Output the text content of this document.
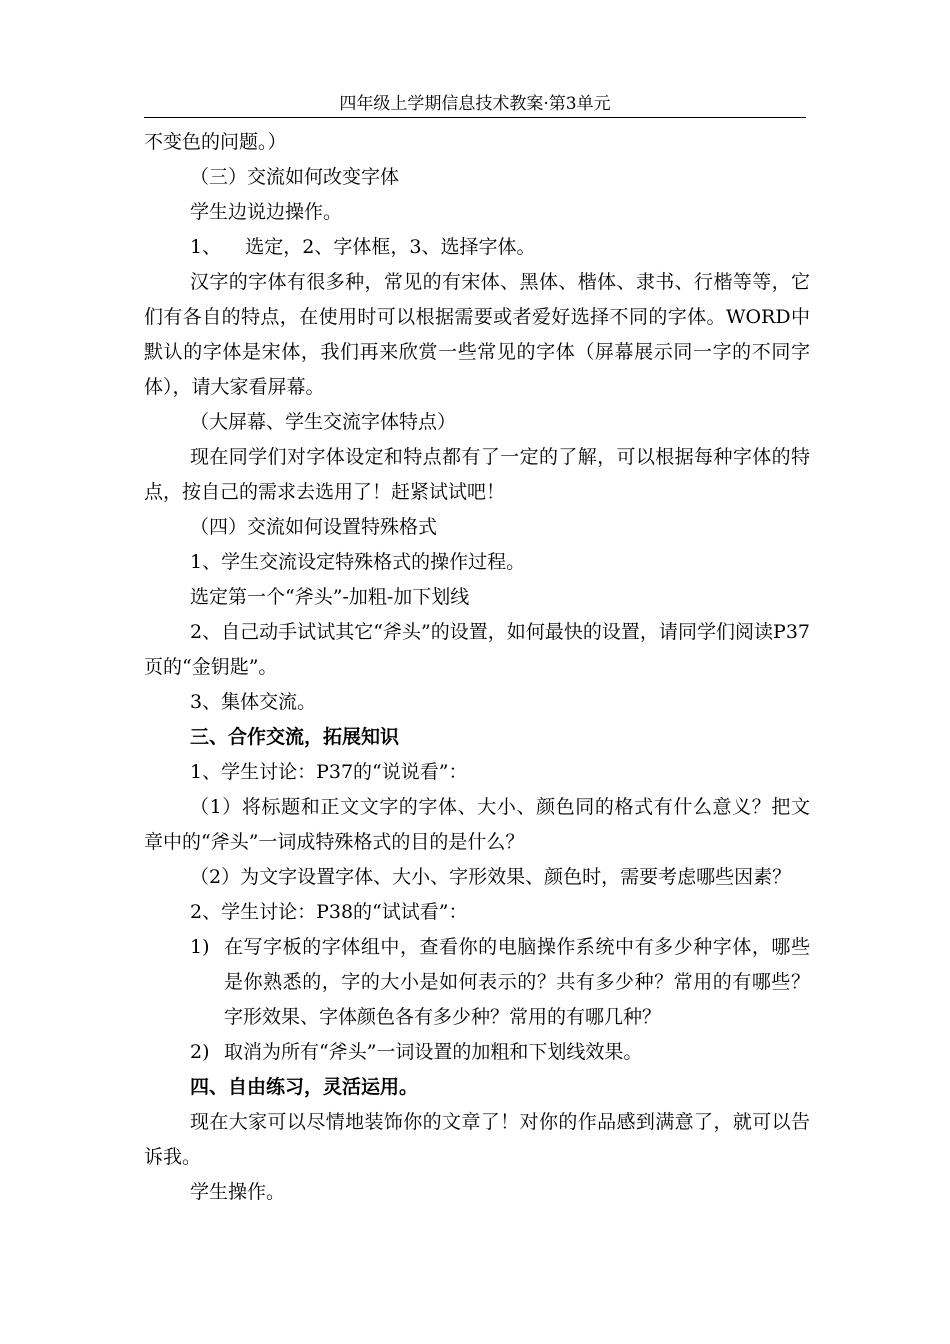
四年级上学期信息技术教案·第3单元

不变色的问题。）

（三）交流如何改变字体

学生边说边操作。

1、 选定，2、字体框，3、选择字体。

汉字的字体有很多种，常见的有宋体、黑体、楷体、隶书、行楷等等，它们有各自的特点，在使用时可以根据需要或者爱好选择不同的字体。WORD中默认的字体是宋体，我们再来欣赏一些常见的字体（屏幕展示同一字的不同字体），请大家看屏幕。

（大屏幕、学生交流字体特点）

现在同学们对字体设定和特点都有了一定的了解，可以根据每种字体的特点，按自己的需求去选用了！赶紧试试吧！

（四）交流如何设置特殊格式

1、学生交流设定特殊格式的操作过程。

选定第一个“斧头”-加粗-加下划线

2、自己动手试试其它“斧头”的设置，如何最快的设置，请同学们阅读P37页的“金钥匙”。

3、集体交流。

三、合作交流，拓展知识

1、学生讨论：P37的“说说看”：

（1）将标题和正文文字的字体、大小、颜色同的格式有什么意义？把文章中的“斧头”一词成特殊格式的目的是什么？

（2）为文字设置字体、大小、字形效果、颜色时，需要考虑哪些因素？

2、学生讨论：P38的“试试看”：

1) 在写字板的字体组中，查看你的电脑操作系统中有多少种字体，哪些是你熟悉的，字的大小是如何表示的？共有多少种？常用的有哪些？字形效果、字体颜色各有多少种？常用的有哪几种？
2) 取消为所有“斧头”一词设置的加粗和下划线效果。

四、自由练习，灵活运用。

现在大家可以尽情地装饰你的文章了！对你的作品感到满意了，就可以告诉我。

学生操作。
